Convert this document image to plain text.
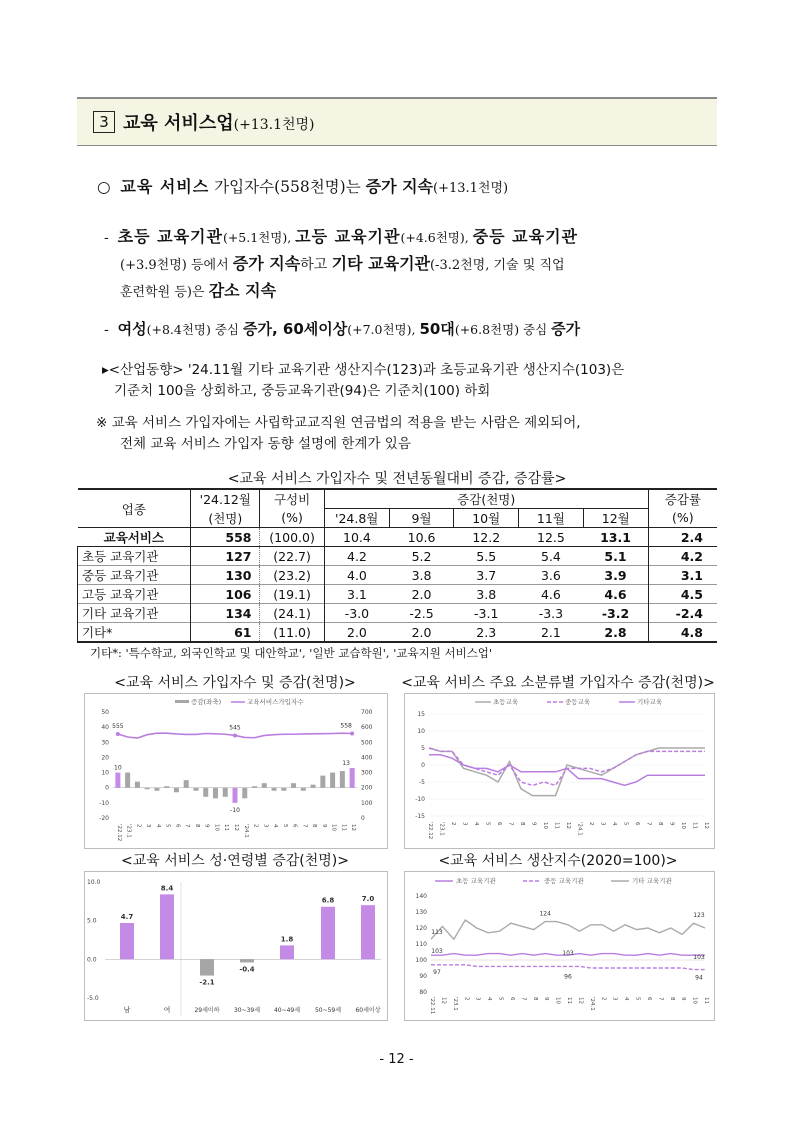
3 교육 서비스업(+13.1천명)
○ 교육 서비스 가입자수(558천명)는 증가 지속(+13.1천명)
- 초등 교육기관(+5.1천명), 고등 교육기관(+4.6천명), 중등 교육기관
(+3.9천명) 등에서 증가 지속하고 기타 교육기관(-3.2천명, 기술 및 직업
훈련학원 등)은 감소 지속
- 여성(+8.4천명) 중심 증가, 60세이상(+7.0천명), 50대(+6.8천명) 중심 증가
▸<산업동향> '24.11월 기타 교육기관 생산지수(123)과 초등교육기관 생산지수(103)은
기준치 100을 상회하고, 중등교육기관(94)은 기준치(100) 하회
※ 교육 서비스 가입자에는 사립학교교직원 연금법의 적용을 받는 사람은 제외되어,
전체 교육 서비스 가입자 동향 설명에 한계가 있음
<교육 서비스 가입자수 및 전년동월대비 증감, 증감률>
업종	'24.12월	구성비	증감(천명)					증감률
	(천명)	(%)	'24.8월	9월	10월	11월	12월	(%)
교육서비스	558	(100.0)	10.4	10.6	12.2	12.5	13.1	2.4
초등 교육기관	127	(22.7)	4.2	5.2	5.5	5.4	5.1	4.2
중등 교육기관	130	(23.2)	4.0	3.8	3.7	3.6	3.9	3.1
고등 교육기관	106	(19.1)	3.1	2.0	3.8	4.6	4.6	4.5
기타 교육기관	134	(24.1)	-3.0	-2.5	-3.1	-3.3	-3.2	-2.4
기타*	61	(11.0)	2.0	2.0	2.3	2.1	2.8	4.8
기타*: '특수학교, 외국인학교 및 대안학교', '일반 교습학원', '교육지원 서비스업'
<교육 서비스 가입자수 및 증감(천명)>
증감(좌축)	교육서비스가입자수
-20
-10
0
10
20
30
40
50
0
100
200
300
400
500
600
700
555	545	558
10
-10
13
'22.12 '23.1 2 3 4 5 6 7 8 9 10 11 12 '24.1 2 3 4 5 6 7 8 9 10 11 12
<교육 서비스 주요 소분류별 가입자수 증감(천명)>
초등교육	중등교육	기타교육
-15
-10
-5
0
5
10
15
'22.12 '23.1 2 3 4 5 6 7 8 9 10 11 12 '24.1 2 3 4 5 6 7 8 9 10 11 12
<교육 서비스 성·연령별 증감(천명)>
-5.0
0.0
5.0
10.0
4.7
남
8.4
여
-2.1
29세이하
-0.4
30~39세
1.8
40~49세
6.8
50~59세
7.0
60세이상
<교육 서비스 생산지수(2020=100)>
초등 교육기관	중등 교육기관	기타 교육기관
80
90
100
110
120
130
140
113
103
97
124
103
96
123
103
94
'22.11 12 '23.1 2 3 4 5 6 7 8 9 10 11 12 '24.1 2 3 4 5 6 7 8 9 10 11
- 12 -
